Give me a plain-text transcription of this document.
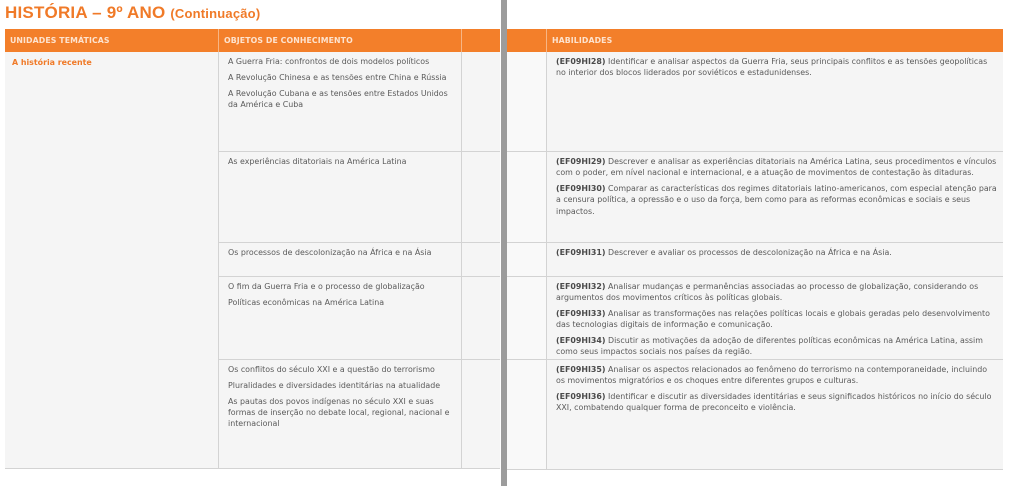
HISTÓRIA – 9º ANO (Continuação)
UNIDADES TEMÁTICAS	OBJETOS DE CONHECIMENTO
A história recente	A Guerra Fria: confrontos de dois modelos políticos

A Revolução Chinesa e as tensões entre China e Rússia

A Revolução Cubana e as tensões entre Estados Unidos da América e Cuba

As experiências ditatoriais na América Latina

Os processos de descolonização na África e na Ásia

O fim da Guerra Fria e o processo de globalização

Políticas econômicas na América Latina

Os conflitos do século XXI e a questão do terrorismo

Pluralidades e diversidades identitárias na atualidade

As pautas dos povos indígenas no século XXI e suas formas de inserção no debate local, regional, nacional e internacional

HABILIDADES

(EF09HI28) Identificar e analisar aspectos da Guerra Fria, seus principais conflitos e as tensões geopolíticas no interior dos blocos liderados por soviéticos e estadunidenses.

(EF09HI29) Descrever e analisar as experiências ditatoriais na América Latina, seus procedimentos e vínculos com o poder, em nível nacional e internacional, e a atuação de movimentos de contestação às ditaduras.

(EF09HI30) Comparar as características dos regimes ditatoriais latino-americanos, com especial atenção para a censura política, a opressão e o uso da força, bem como para as reformas econômicas e sociais e seus impactos.

(EF09HI31) Descrever e avaliar os processos de descolonização na África e na Ásia.

(EF09HI32) Analisar mudanças e permanências associadas ao processo de globalização, considerando os argumentos dos movimentos críticos às políticas globais.

(EF09HI33) Analisar as transformações nas relações políticas locais e globais geradas pelo desenvolvimento das tecnologias digitais de informação e comunicação.

(EF09HI34) Discutir as motivações da adoção de diferentes políticas econômicas na América Latina, assim como seus impactos sociais nos países da região.

(EF09HI35) Analisar os aspectos relacionados ao fenômeno do terrorismo na contemporaneidade, incluindo os movimentos migratórios e os choques entre diferentes grupos e culturas.

(EF09HI36) Identificar e discutir as diversidades identitárias e seus significados históricos no início do século XXI, combatendo qualquer forma de preconceito e violência.
